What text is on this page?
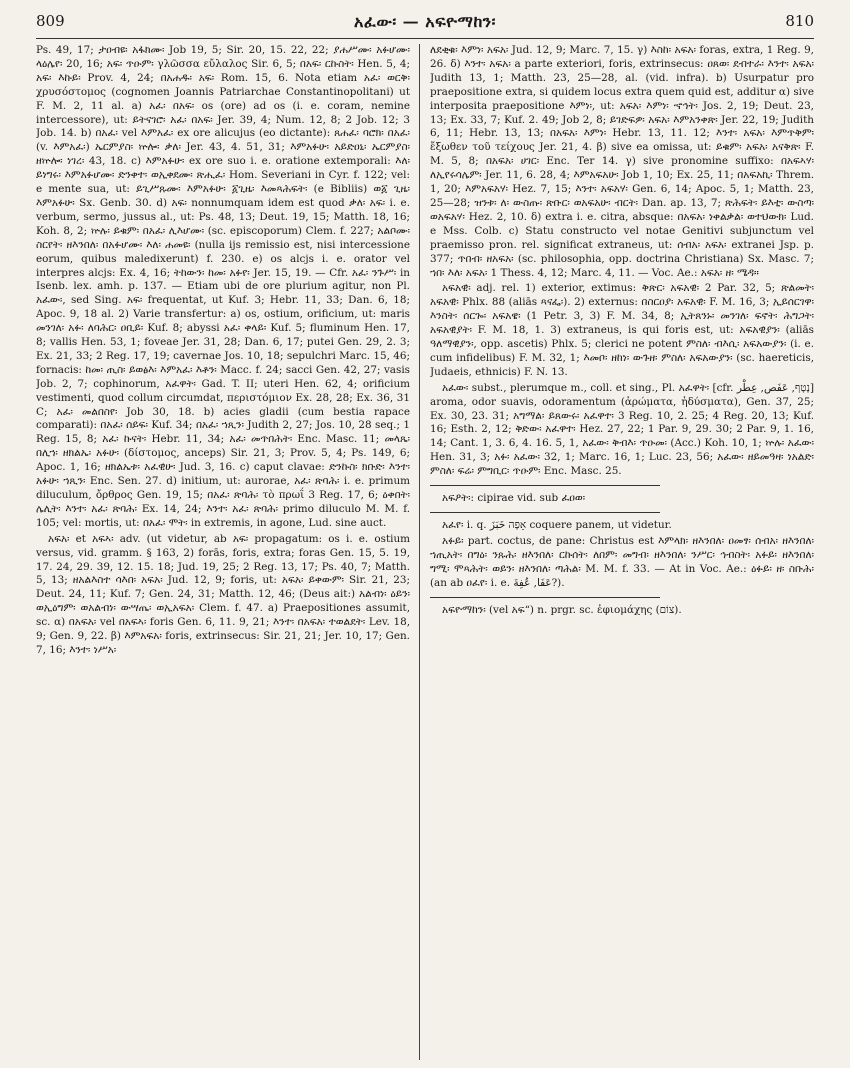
809	አፈው፡ — አፍዮማከን፡	810

Ps. 49, 17; ታዐብዩ፡ አፋክሙ፡ Job 19, 5; Sir. 20, 15. 22, 22; ያሐሥሙ፡ አፉሆሙ፡ ላዕሌየ፡ 20, 16; አፍ፡ ጥዑም፡ γλῶσσα εὔλαλος Sir. 6, 5; በአፍ፡ ርኩስት፡ Hen. 5, 4; አፍ፡ እኩይ፡ Prov. 4, 24; በአሐዱ፡ አፍ፡ Rom. 15, 6. Nota etiam አፈ፡ ወርቅ፡ χρυσόστομος (cognomen Joannis Patriarchae Constantinopolitani) ut F. M. 2, 11 al. a) አፈ፡ በአፍ፡ os (ore) ad os (i. e. coram, nemine intercessore), ut: ይትናገሮ፡ አፈ፡ በአፍ፡ Jer. 39, 4; Num. 12, 8; 2 Job. 12; 3 Job. 14. b) በአፈ፡ vel እምአፈ፡ ex ore alicujus (eo dictante): ጸሐፈ፡ ባሮክ፡ በአፈ፡ (v. እምአፈ፡) ኤርምያስ፡ ኵሎ፡ ቃለ፡ Jer. 43, 4. 51, 31; እምአፉሁ፡ አይድዐኒ፡ ኤርምያስ፡ ዘኵሎ፡ ነገረ፡ 43, 18. c) እምአፉሁ፡ ex ore suo i. e. oratione extemporali: እለ፡ ይነግሩ፡ እምአፉሆሙ፡ ድንቀተ፡ ወኢቀደሙ፡ ጽሒፈ፡ Hom. Severiani in Cyr. f. 122; vel: e mente sua, ut: ይጊሥጹሙ፡ እምአፉሁ፡ ፩ጊዜ፡ እመጻሕፍት፡ (e Bibliis) ወ፩ ጊዜ፡ እምአፉሁ፡ Sx. Genb. 30. d) አፍ፡ nonnumquam idem est quod ቃለ፡ አፍ፡ i. e. verbum, sermo, jussus al., ut: Ps. 48, 13; Deut. 19, 15; Matth. 18, 16; Koh. 8, 2; ኵሉ፡ ይቁም፡ በአፈ፡ ሊእሆሙ፡ (sc. episcoporum) Clem. f. 227; አልቦሙ፡ ስርየት፡ ዘእንበለ፡ በአፉሆሙ፡ እለ፡ ሐመዩ፡ (nulla ijs remissio est, nisi intercessione eorum, quibus maledixerunt) f. 230. e) os alcjs i. e. orator vel interpres alcjs: Ex. 4, 16; ትከውን፡ ከመ፡ አፉየ፡ Jer. 15, 19. — Cfr. አፈ፡ ንጉሥ፡ in Isenb. lex. amh. p. 137. — Etiam ubi de ore plurium agitur, non Pl. አፈው፡, sed Sing. አፍ፡ frequentat, ut Kuf. 3; Hebr. 11, 33; Dan. 6, 18; Apoc. 9, 18 al. 2) Varie transfertur: a) os, ostium, orificium, ut: maris መንገለ፡ አፉ፡ ለባሕር፡ ዐቢይ፡ Kuf. 8; abyssi አፈ፡ ቀላይ፡ Kuf. 5; fluminum Hen. 17, 8; vallis Hen. 53, 1; foveae Jer. 31, 28; Dan. 6, 17; putei Gen. 29, 2. 3; Ex. 21, 33; 2 Reg. 17, 19; cavernae Jos. 10, 18; sepulchri Marc. 15, 46; fornacis: ከመ፡ ጢስ፡ ይወፅእ፡ እምአፈ፡ እቶን፡ Macc. f. 24; sacci Gen. 42, 27; vasis Job. 2, 7; cophinorum, አፈዋት፡ Gad. T. II; uteri Hen. 62, 4; orificium vestimenti, quod collum circumdat, περιστόμιον Ex. 28, 28; Ex. 36, 31 C; አፈ፡ መልበስየ፡ Job 30, 18. b) acies gladii (cum bestia rapace comparati): በአፈ፡ ሰይፍ፡ Kuf. 34; በአፈ፡ ኀጺን፡ Judith 2, 27; Jos. 10, 28 seq.; 1 Reg. 15, 8; አፈ፡ ኩናት፡ Hebr. 11, 34; አፈ፡ መጥበሕት፡ Enc. Masc. 11; መላጼ፡ በሊኀ፡ ዘክልኤ፡ አፉሁ፡ (δίστομος, anceps) Sir. 21, 3; Prov. 5, 4; Ps. 149, 6; Apoc. 1, 16; ዘክልኤቱ፡ አፈዊሁ፡ Jud. 3, 16. c) caput clavae: ድንኩስ፡ ክቡድ፡ እንተ፡ አፉሁ፡ ኀጺን፡ Enc. Sen. 27. d) initium, ut: aurorae, አፈ፡ ጽባሕ፡ i. e. primum diluculum, ὄρθρος Gen. 19, 15; በአፈ፡ ጽባሕ፡ τὸ πρωΐ 3 Reg. 17, 6; ዕቀበት፡ ሌሊት፡ እንተ፡ አፈ፡ ጽባሕ፡ Ex. 14, 24; እንተ፡ አፈ፡ ጽባሕ፡ primo diluculo M. M. f. 105; vel: mortis, ut: በአፈ፡ ሞት፡ in extremis, in agone, Lud. sine auct.

አፍአ፡ et አፍኣ፡ adv. (ut videtur, ab አፍ፡ propagatum: os i. e. ostium versus, vid. gramm. § 163, 2) forās, foris, extra; foras Gen. 15, 5. 19, 17. 24, 29. 39, 12. 15. 18; Jud. 19, 25; 2 Reg. 13, 17; Ps. 40, 7; Matth. 5, 13; ዘአልእስተ ሳእበ፡ አፍአ፡ Jud. 12, 9; foris, ut: አፍአ፡ ይቀውም፡ Sir. 21, 23; Deut. 24, 11; Kuf. 7; Gen. 24, 31; Matth. 12, 46; (Deus ait:) አልብነ፡ ዕይን፡ ወኢዕግም፡ ወአልብነ፡ ውሣጤ፡ ወኢአፍአ፡ Clem. f. 47. a) Praepositiones assumit, sc. α) በአፍአ፡ vel በአፍኣ፡ foris Gen. 6, 11. 9, 21; እንተ፡ በአፍአ፡ ተወልደት፡ Lev. 18, 9; Gen. 9, 22. β) እምአፍአ፡ foris, extrinsecus: Sir. 21, 21; Jer. 10, 17; Gen. 7, 16; እንተ፡ ነሥአ፡

ለደቂቁ፡ እምነ፡ አፍአ፡ Jud. 12, 9; Marc. 7, 15. γ) እስከ፡ አፍአ፡ foras, extra, 1 Reg. 9, 26. δ) እንተ፡ አፍአ፡ a parte exteriori, foris, extrinsecus: ዐጸወ፡ ደብተራ፡ እንተ፡ አፍአ፡ Judith 13, 1; Matth. 23, 25—28, al. (vid. infra). b) Usurpatur pro praepositione extra, si quidem locus extra quem quid est, additur α) sive interposita praepositione እምነ፡, ut: አፍአ፡ እምነ፡ ኆኅት፡ Jos. 2, 19; Deut. 23, 13; Ex. 33, 7; Kuf. 2. 49; Job 2, 8; ይገድፍዎ፡ አፍአ፡ እምአንቀጽ፡ Jer. 22, 19; Judith 6, 11; Hebr. 13, 13; በአፍአ፡ እምነ፡ Hebr. 13, 11. 12; እንተ፡ አፍአ፡ እምጥቅም፡ ἔξωθεν τοῦ τείχους Jer. 21, 4. β) sive ea omissa, ut: ይቁም፡ አፍአ፡ አናቅጽ፡ F. M. 5, 8; በአፍአ፡ ሀገር፡ Enc. Ter 14. γ) sive pronomine suffixo: በአፍኣሃ፡ ለኢየሩሳሌም፡ Jer. 11, 6. 28, 4; እምአፍአሁ፡ Job 1, 10; Ex. 25, 11; በአፍአኪ፡ Threm. 1, 20; እምአፍአሃ፡ Hez. 7, 15; እንተ፡ አፍአሃ፡ Gen. 6, 14; Apoc. 5, 1; Matth. 23, 25—28; ዝንቱ፡ ለ፡ ውስጡ፡ ጽቡር፡ ወአፍአሁ፡ ብርት፡ Dan. ap. 13, 7; ጽሕፍት፡ ይእቲ፡ ውስጣ፡ ወአፍአሃ፡ Hez. 2, 10. δ) extra i. e. citra, absque: በአፍአ፡ ነቀልቃል፡ ወተህውክ፡ Lud. e Mss. Colb. c) Statu constructo vel notae Genitivi subjunctum vel praemisso pron. rel. significat extraneus, ut: ሰብአ፡ አፍአ፡ extranei Jsp. p. 377; ጥበብ፡ ዘአፍአ፡ (sc. philosophia, opp. doctrina Christiana) Sx. Masc. 7; ኀበ፡ እለ፡ አፍአ፡ 1 Thess. 4, 12; Marc. 4, 11. — Voc. Ae.: አፍአ፡ ዘ፡ ሜዳ።

አፍአዊ፡ adj. rel. 1) exterior, extimus: ቅጽር፡ አፍአዊ፡ 2 Par. 32, 5; ጽልመት፡ አፍአዊ፡ Phlx. 88 (aliās ጻናፌ፡). 2) externus: በስርዐያ፡ አፍአዊ፡ F. M. 16, 3; ኢይሰርገዋ፡ እንስት፡ ሰርጐ፡ አፍአዌ፡ (1 Petr. 3, 3) F. M. 34, 8; ኢትጸንኑ፡ መንገለ፡ ፍኖት፡ ሕግጋት፡ አፍአዊያት፡ F. M. 18, 1. 3) extraneus, is qui foris est, ut: አፍአዊያን፡ (aliās ዓለማዊያን፡, opp. ascetis) Phlx. 5; clerici ne potent ምስለ፡ ብእሲ፡ አፍአውያን፡ (i. e. cum infidelibus) F. M. 32, 1; እመቦ፡ ዘከነ፡ ውጉዘ፡ ምስለ፡ አፍአውያን፡ (sc. haereticis, Judaeis, ethnicis) F. N. 13.

አፈው፡ subst., plerumque m., coll. et sing., Pl. አፈዋት፡ [cfr. נָטָף, ﻋَﻔَﺺ, ﻋِﻄْﺮ] aroma, odor suavis, odoramentum (ἀρώματα, ἡδύσματα), Gen. 37, 25; Ex. 30, 23. 31; አግማል፡ ይጸውሩ፡ አፈዋተ፡ 3 Reg. 10, 2. 25; 4 Reg. 20, 13; Kuf. 16; Esth. 2, 12; ቅድው፡ አፈዋተ፡ Hez. 27, 22; 1 Par. 9, 29. 30; 2 Par. 9, 1. 16, 14; Cant. 1, 3. 6, 4. 16. 5, 1, አፈው፡ ቅብእ፡ ጥዑመ፡ (Acc.) Koh. 10, 1; ኵሉ፡ አፈው፡ Hen. 31, 3; አፉ፡ አፈው፡ 32, 1; Marc. 16, 1; Luc. 23, 56; አፈው፡ ዘይመዓዛ፡ ነአልድ፡ ምስለ፡ ፍሬ፡ ምግቢር፡ ጥዑም፡ Enc. Masc. 25.

አፍዖት፡: cipirae vid. sub ፈዐወ፡

አፈየ፡ i. q. אָפָה ﺧَﺒَﺰَ coquere panem, ut videtur.

አፉይ፡ part. coctus, de pane: Christus est እምላክ፡ ዘእንበለ፡ ዐመፃ፡ ሰብአ፡ ዘእንበለ፡ ኀጢአት፡ በግዕ፡ ንጹሕ፡ ዘእንበለ፡ ርኩሰት፡ ለበም፡ መግብ፡ ዘእንበለ፡ ንሥር፡ ኅብስት፡ አፉይ፡ ዘእንበለ፡ ግሚ፡ ሞጻሕት፡ ወይን፡ ዘእንበለ፡ ጣሕል፡ M. M. f. 33. — At in Voc. Ae.: ዕፉይ፡ ዘ፡ ስቡሕ፡ (an ab ዐፈየ፡ i. e. ﻋَﻔَﺎ, ﻋُﻔِﺔَ?).

አፍዮማከን፡ (vel አፍ“) n. prgr. sc. ἐφιομάχης (צוֹם).
